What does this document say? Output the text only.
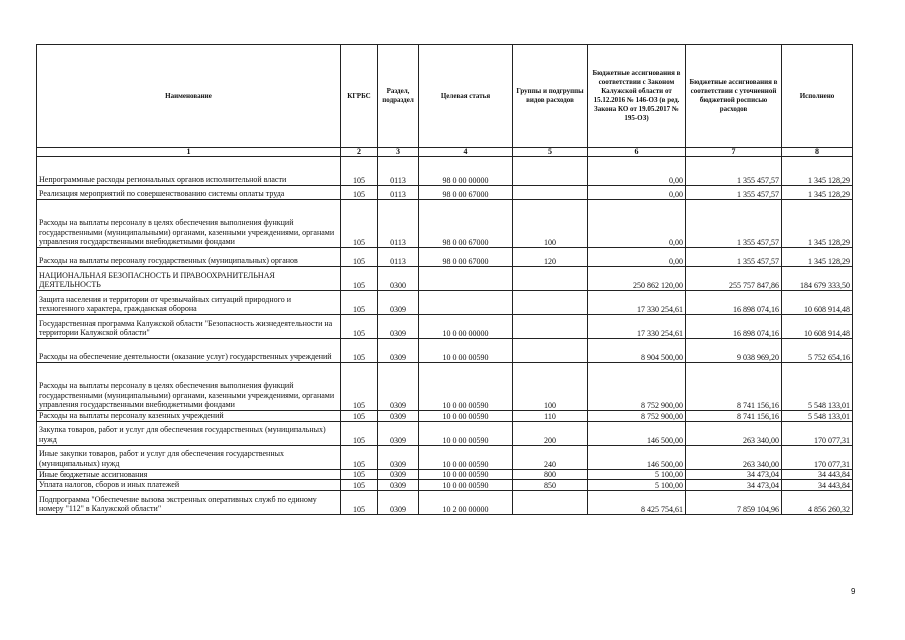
Наименование	КГРБС	Раздел, подраздел	Целевая статья	Группы и подгруппы видов расходов	Бюджетные ассигнования в соответствии с Законом Калужской области от 15.12.2016 № 146-ОЗ (в ред. Закона КО от 19.05.2017 № 195-ОЗ)	Бюджетные ассигнования в соответствии с уточненной бюджетной росписью расходов	Исполнено
1	2	3	4	5	6	7	8
Непрограммные расходы региональных органов исполнительной власти	105	0113	98 0 00 00000		0,00	1 355 457,57	1 345 128,29
Реализация мероприятий по совершенствованию системы оплаты труда	105	0113	98 0 00 67000		0,00	1 355 457,57	1 345 128,29
Расходы на выплаты персоналу в целях обеспечения выполнения функций государственными (муниципальными) органами, казенными учреждениями, органами управления государственными внебюджетными фондами	105	0113	98 0 00 67000	100	0,00	1 355 457,57	1 345 128,29
Расходы на выплаты персоналу государственных (муниципальных) органов	105	0113	98 0 00 67000	120	0,00	1 355 457,57	1 345 128,29
НАЦИОНАЛЬНАЯ БЕЗОПАСНОСТЬ И ПРАВООХРАНИТЕЛЬНАЯ ДЕЯТЕЛЬНОСТЬ	105	0300			250 862 120,00	255 757 847,86	184 679 333,50
Защита населения и территории от чрезвычайных ситуаций природного и техногенного характера, гражданская оборона	105	0309			17 330 254,61	16 898 074,16	10 608 914,48
Государственная программа Калужской области "Безопасность жизнедеятельности на территории Калужской области"	105	0309	10 0 00 00000		17 330 254,61	16 898 074,16	10 608 914,48
Расходы на обеспечение деятельности (оказание услуг) государственных учреждений	105	0309	10 0 00 00590		8 904 500,00	9 038 969,20	5 752 654,16
Расходы на выплаты персоналу в целях обеспечения выполнения функций государственными (муниципальными) органами, казенными учреждениями, органами управления государственными внебюджетными фондами	105	0309	10 0 00 00590	100	8 752 900,00	8 741 156,16	5 548 133,01
Расходы на выплаты персоналу казенных учреждений	105	0309	10 0 00 00590	110	8 752 900,00	8 741 156,16	5 548 133,01
Закупка товаров, работ и услуг для обеспечения государственных (муниципальных) нужд	105	0309	10 0 00 00590	200	146 500,00	263 340,00	170 077,31
Иные закупки товаров, работ и услуг для обеспечения государственных (муниципальных) нужд	105	0309	10 0 00 00590	240	146 500,00	263 340,00	170 077,31
Иные бюджетные ассигнования	105	0309	10 0 00 00590	800	5 100,00	34 473,04	34 443,84
Уплата налогов, сборов и иных платежей	105	0309	10 0 00 00590	850	5 100,00	34 473,04	34 443,84
Подпрограмма "Обеспечение вызова экстренных оперативных служб по единому номеру "112" в Калужской области"	105	0309	10 2 00 00000		8 425 754,61	7 859 104,96	4 856 260,32
9
